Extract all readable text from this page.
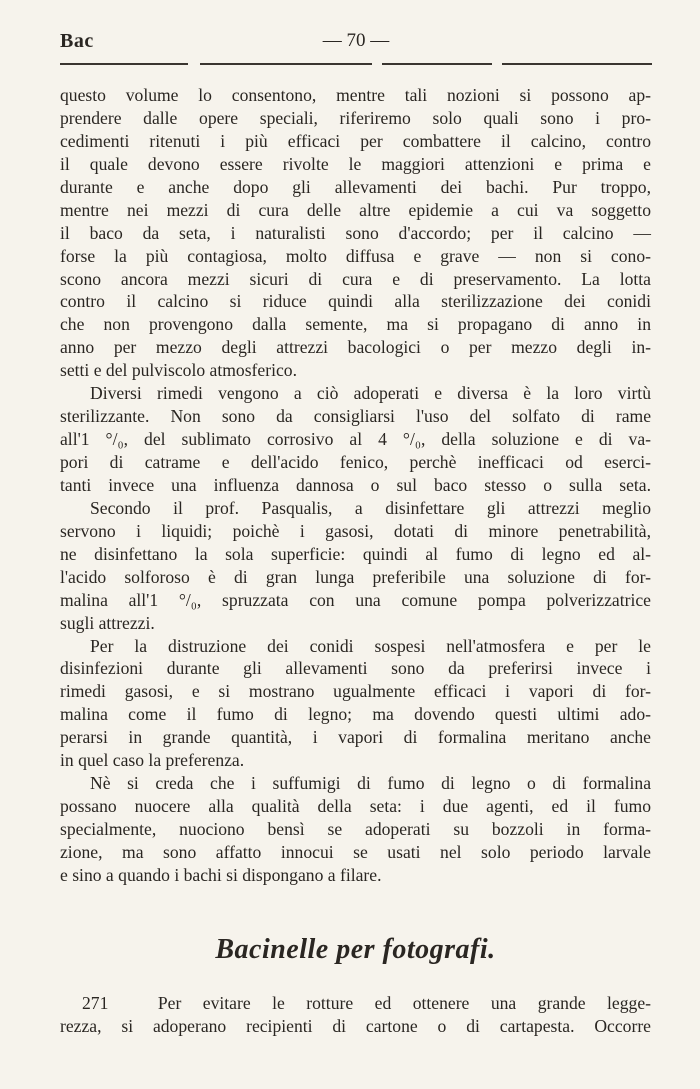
Bac	— 70 —
questo volume lo consentono, mentre tali nozioni si possono ap-
prendere dalle opere speciali, riferiremo solo quali sono i pro-
cedimenti ritenuti i più efficaci per combattere il calcino, contro
il quale devono essere rivolte le maggiori attenzioni e prima e
durante e anche dopo gli allevamenti dei bachi. Pur troppo,
mentre nei mezzi di cura delle altre epidemie a cui va soggetto
il baco da seta, i naturalisti sono d'accordo; per il calcino —
forse la più contagiosa, molto diffusa e grave — non si cono-
scono ancora mezzi sicuri di cura e di preservamento. La lotta
contro il calcino si riduce quindi alla sterilizzazione dei conidi
che non provengono dalla semente, ma si propagano di anno in
anno per mezzo degli attrezzi bacologici o per mezzo degli in-
setti e del pulviscolo atmosferico.
Diversi rimedi vengono a ciò adoperati e diversa è la loro virtù
sterilizzante. Non sono da consigliarsi l'uso del solfato di rame
all'1 °/₀, del sublimato corrosivo al 4 °/₀, della soluzione e di va-
pori di catrame e dell'acido fenico, perchè inefficaci od eserci-
tanti invece una influenza dannosa o sul baco stesso o sulla seta.
Secondo il prof. Pasqualis, a disinfettare gli attrezzi meglio
servono i liquidi; poichè i gasosi, dotati di minore penetrabilità,
ne disinfettano la sola superficie: quindi al fumo di legno ed al-
l'acido solforoso è di gran lunga preferibile una soluzione di for-
malina all'1 °/₀, spruzzata con una comune pompa polverizzatrice
sugli attrezzi.
Per la distruzione dei conidi sospesi nell'atmosfera e per le
disinfezioni durante gli allevamenti sono da preferirsi invece i
rimedi gasosi, e si mostrano ugualmente efficaci i vapori di for-
malina come il fumo di legno; ma dovendo questi ultimi ado-
perarsi in grande quantità, i vapori di formalina meritano anche
in quel caso la preferenza.
Nè si creda che i suffumigi di fumo di legno o di formalina
possano nuocere alla qualità della seta: i due agenti, ed il fumo
specialmente, nuociono bensì se adoperati su bozzoli in forma-
zione, ma sono affatto innocui se usati nel solo periodo larvale
e sino a quando i bachi si dispongano a filare.
Bacinelle per fotografi.
271	Per evitare le rotture ed ottenere una grande legge-
rezza, si adoperano recipienti di cartone o di cartapesta. Occorre
